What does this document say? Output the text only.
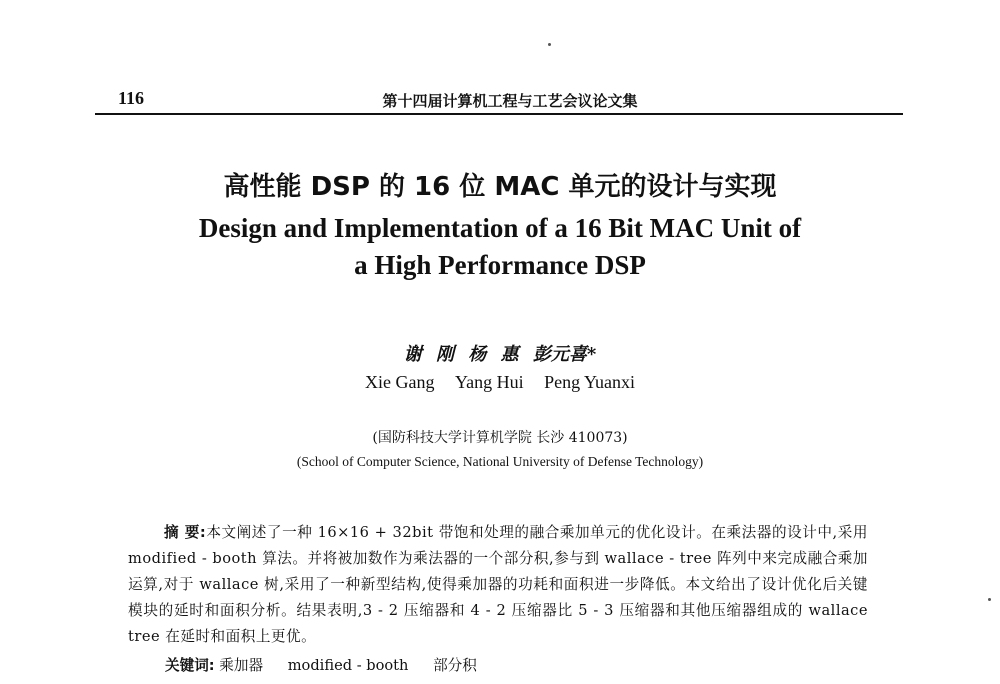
116	第十四届计算机工程与工艺会议论文集
高性能 DSP 的 16 位 MAC 单元的设计与实现
Design and Implementation of a 16 Bit MAC Unit of
a High Performance DSP
谢 刚 杨 惠 彭元喜*
Xie Gang Yang Hui Peng Yuanxi
(国防科技大学计算机学院 长沙 410073)
(School of Computer Science, National University of Defense Technology)
摘 要:本文阐述了一种 16×16 + 32bit 带饱和处理的融合乘加单元的优化设计。在乘法器的设计中,采用 modified - booth 算法。并将被加数作为乘法器的一个部分积,参与到 wallace - tree 阵列中来完成融合乘加运算,对于 wallace 树,采用了一种新型结构,使得乘加器的功耗和面积进一步降低。本文给出了设计优化后关键模块的延时和面积分析。结果表明,3 - 2 压缩器和 4 - 2 压缩器比 5 - 3 压缩器和其他压缩器组成的 wallace tree 在延时和面积上更优。
关键词: 乘加器 modified - booth 部分积
